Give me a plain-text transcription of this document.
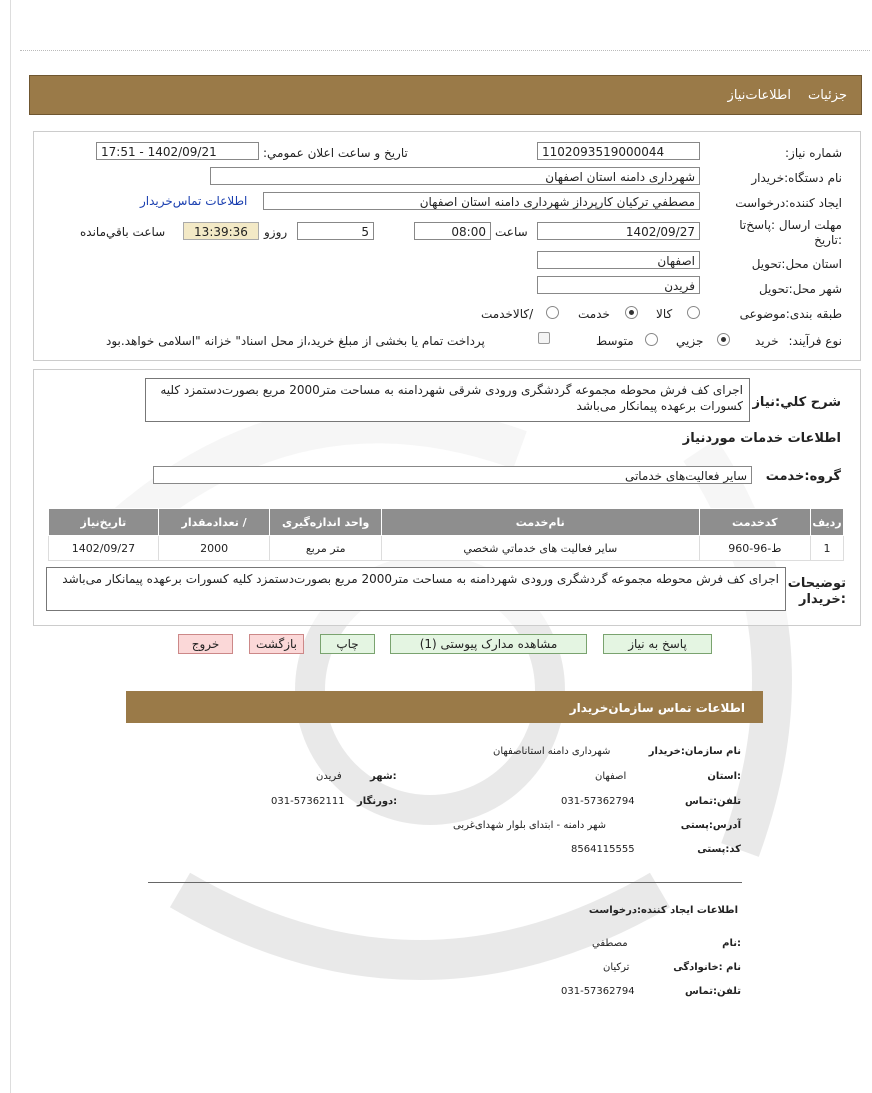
جزئیات
اطلاعات‌نیاز
شماره نیاز:
1102093519000044
تاریخ و ساعت اعلان عمومي:
1402/09/21 - 17:51
نام دستگاه:خریدار
شهرداری دامنه استان اصفهان
ایجاد کننده:درخواست
مصطفي ترکيان کارپرداز شهرداری دامنه استان اصفهان
اطلاعات تماس‌خریدار
مهلت ارسال :پاسخ‌تا
:تاریخ
1402/09/27
ساعت
08:00
5
روزو
13:39:36
ساعت باقي‌مانده
استان محل:تحویل
اصفهان
شهر محل:تحویل
فریدن
طبقه بندی:موضوعی
کالا
خدمت
/کالاخدمت
نوع فرآیند:
خرید
جزيي
متوسط
پرداخت تمام یا بخشی از مبلغ خرید،از محل اسناد" خزانه "اسلامی خواهد.بود
شرح کلي:نیاز
اجرای کف فرش محوطه مجموعه گردشگری ورودی شرقی شهردامنه به مساحت متر2000 مربع بصورت‌دستمزد کلیه کسورات بر‌عهده پیمانکار می‌باشد
اطلاعات خدمات موردنیاز
گروه:خدمت
سایر فعالیت‌های خدماتی
ردیف	کدخدمت	نام‌خدمت	واحد اندازه‌گیری	/ تعدادمقدار	تاریخ‌نیاز
1	ط-96-960	سایر فعالیت های خدماتي شخصي	متر مربع	2000	1402/09/27
توضیحات
:خریدار
اجرای کف فرش محوطه مجموعه گردشگری ورودی شهردامنه به مساحت متر2000 مربع بصورت‌دستمزد کلیه کسورات بر‌عهده پیمانکار می‌باشد
پاسخ به نیاز
مشاهده مدارک پیوستی (1)
چاپ
بازگشت
خروج
اطلاعات تماس سازمان‌خریدار
نام سازمان:خریدار
شهرداری دامنه استاناصفهان
:استان
اصفهان
:شهر
فریدن
تلفن:تماس
031-57362794
:دورنگار
031-57362111
آدرس:پستی
شهر دامنه - ابتدای بلوار شهدای‌غربی
کد:پستی
8564115555
اطلاعات ایجاد کننده:درخواست
:نام
مصطفي
نام :خانوادگی
ترکيان
تلفن:تماس
031-57362794
